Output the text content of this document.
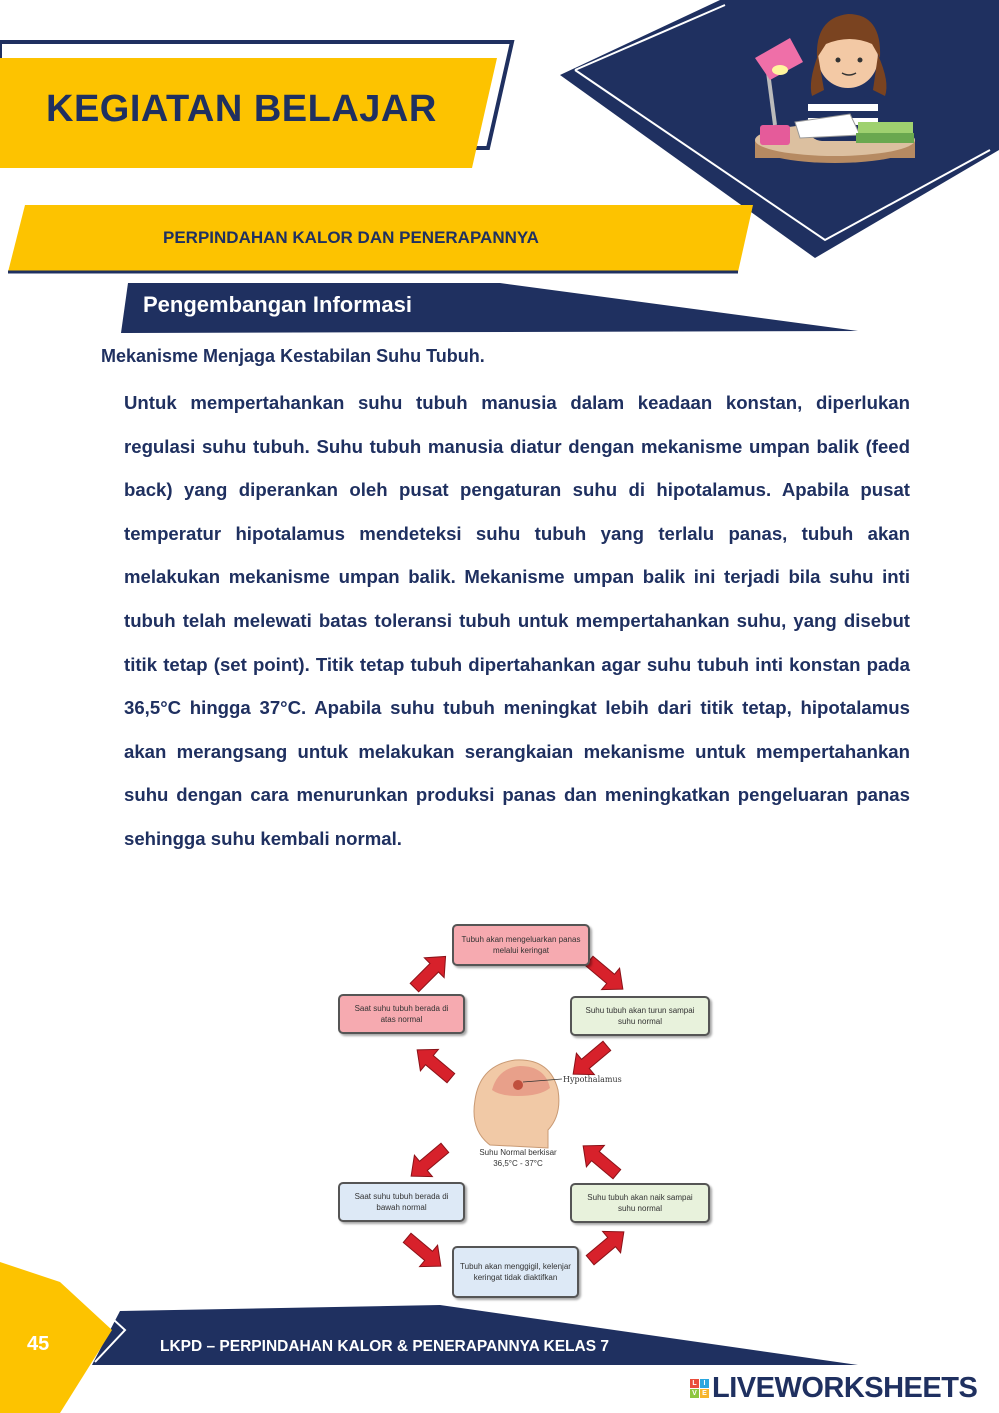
KEGIATAN BELAJAR
PERPINDAHAN KALOR DAN PENERAPANNYA
Pengembangan Informasi
Mekanisme Menjaga Kestabilan Suhu Tubuh.
Untuk mempertahankan suhu tubuh manusia dalam keadaan konstan, diperlukan regulasi suhu tubuh. Suhu tubuh manusia diatur dengan mekanisme umpan balik (feed back) yang diperankan oleh pusat pengaturan suhu di hipotalamus. Apabila pusat temperatur hipotalamus mendeteksi suhu tubuh yang terlalu panas, tubuh akan melakukan mekanisme umpan balik. Mekanisme umpan balik ini terjadi bila suhu inti tubuh telah melewati batas toleransi tubuh untuk mempertahankan suhu, yang disebut titik tetap (set point). Titik tetap tubuh dipertahankan agar suhu tubuh inti konstan pada 36,5°C hingga 37°C. Apabila suhu tubuh meningkat lebih dari titik tetap, hipotalamus akan merangsang untuk melakukan serangkaian mekanisme untuk mempertahankan suhu dengan cara menurunkan produksi panas dan meningkatkan pengeluaran panas sehingga suhu kembali normal.
Tubuh akan mengeluarkan panas melalui keringat
Saat suhu tubuh berada di atas normal
Suhu tubuh akan turun sampai suhu normal
Hypothalamus
Suhu Normal berkisar 36,5°C - 37°C
Saat suhu tubuh berada di bawah normal
Suhu tubuh akan naik sampai suhu normal
Tubuh akan menggigil, kelenjar keringat tidak diaktifkan
45	LKPD – PERPINDAHAN KALOR & PENERAPANNYA KELAS 7
L I
V E LIVEWORKSHEETS
